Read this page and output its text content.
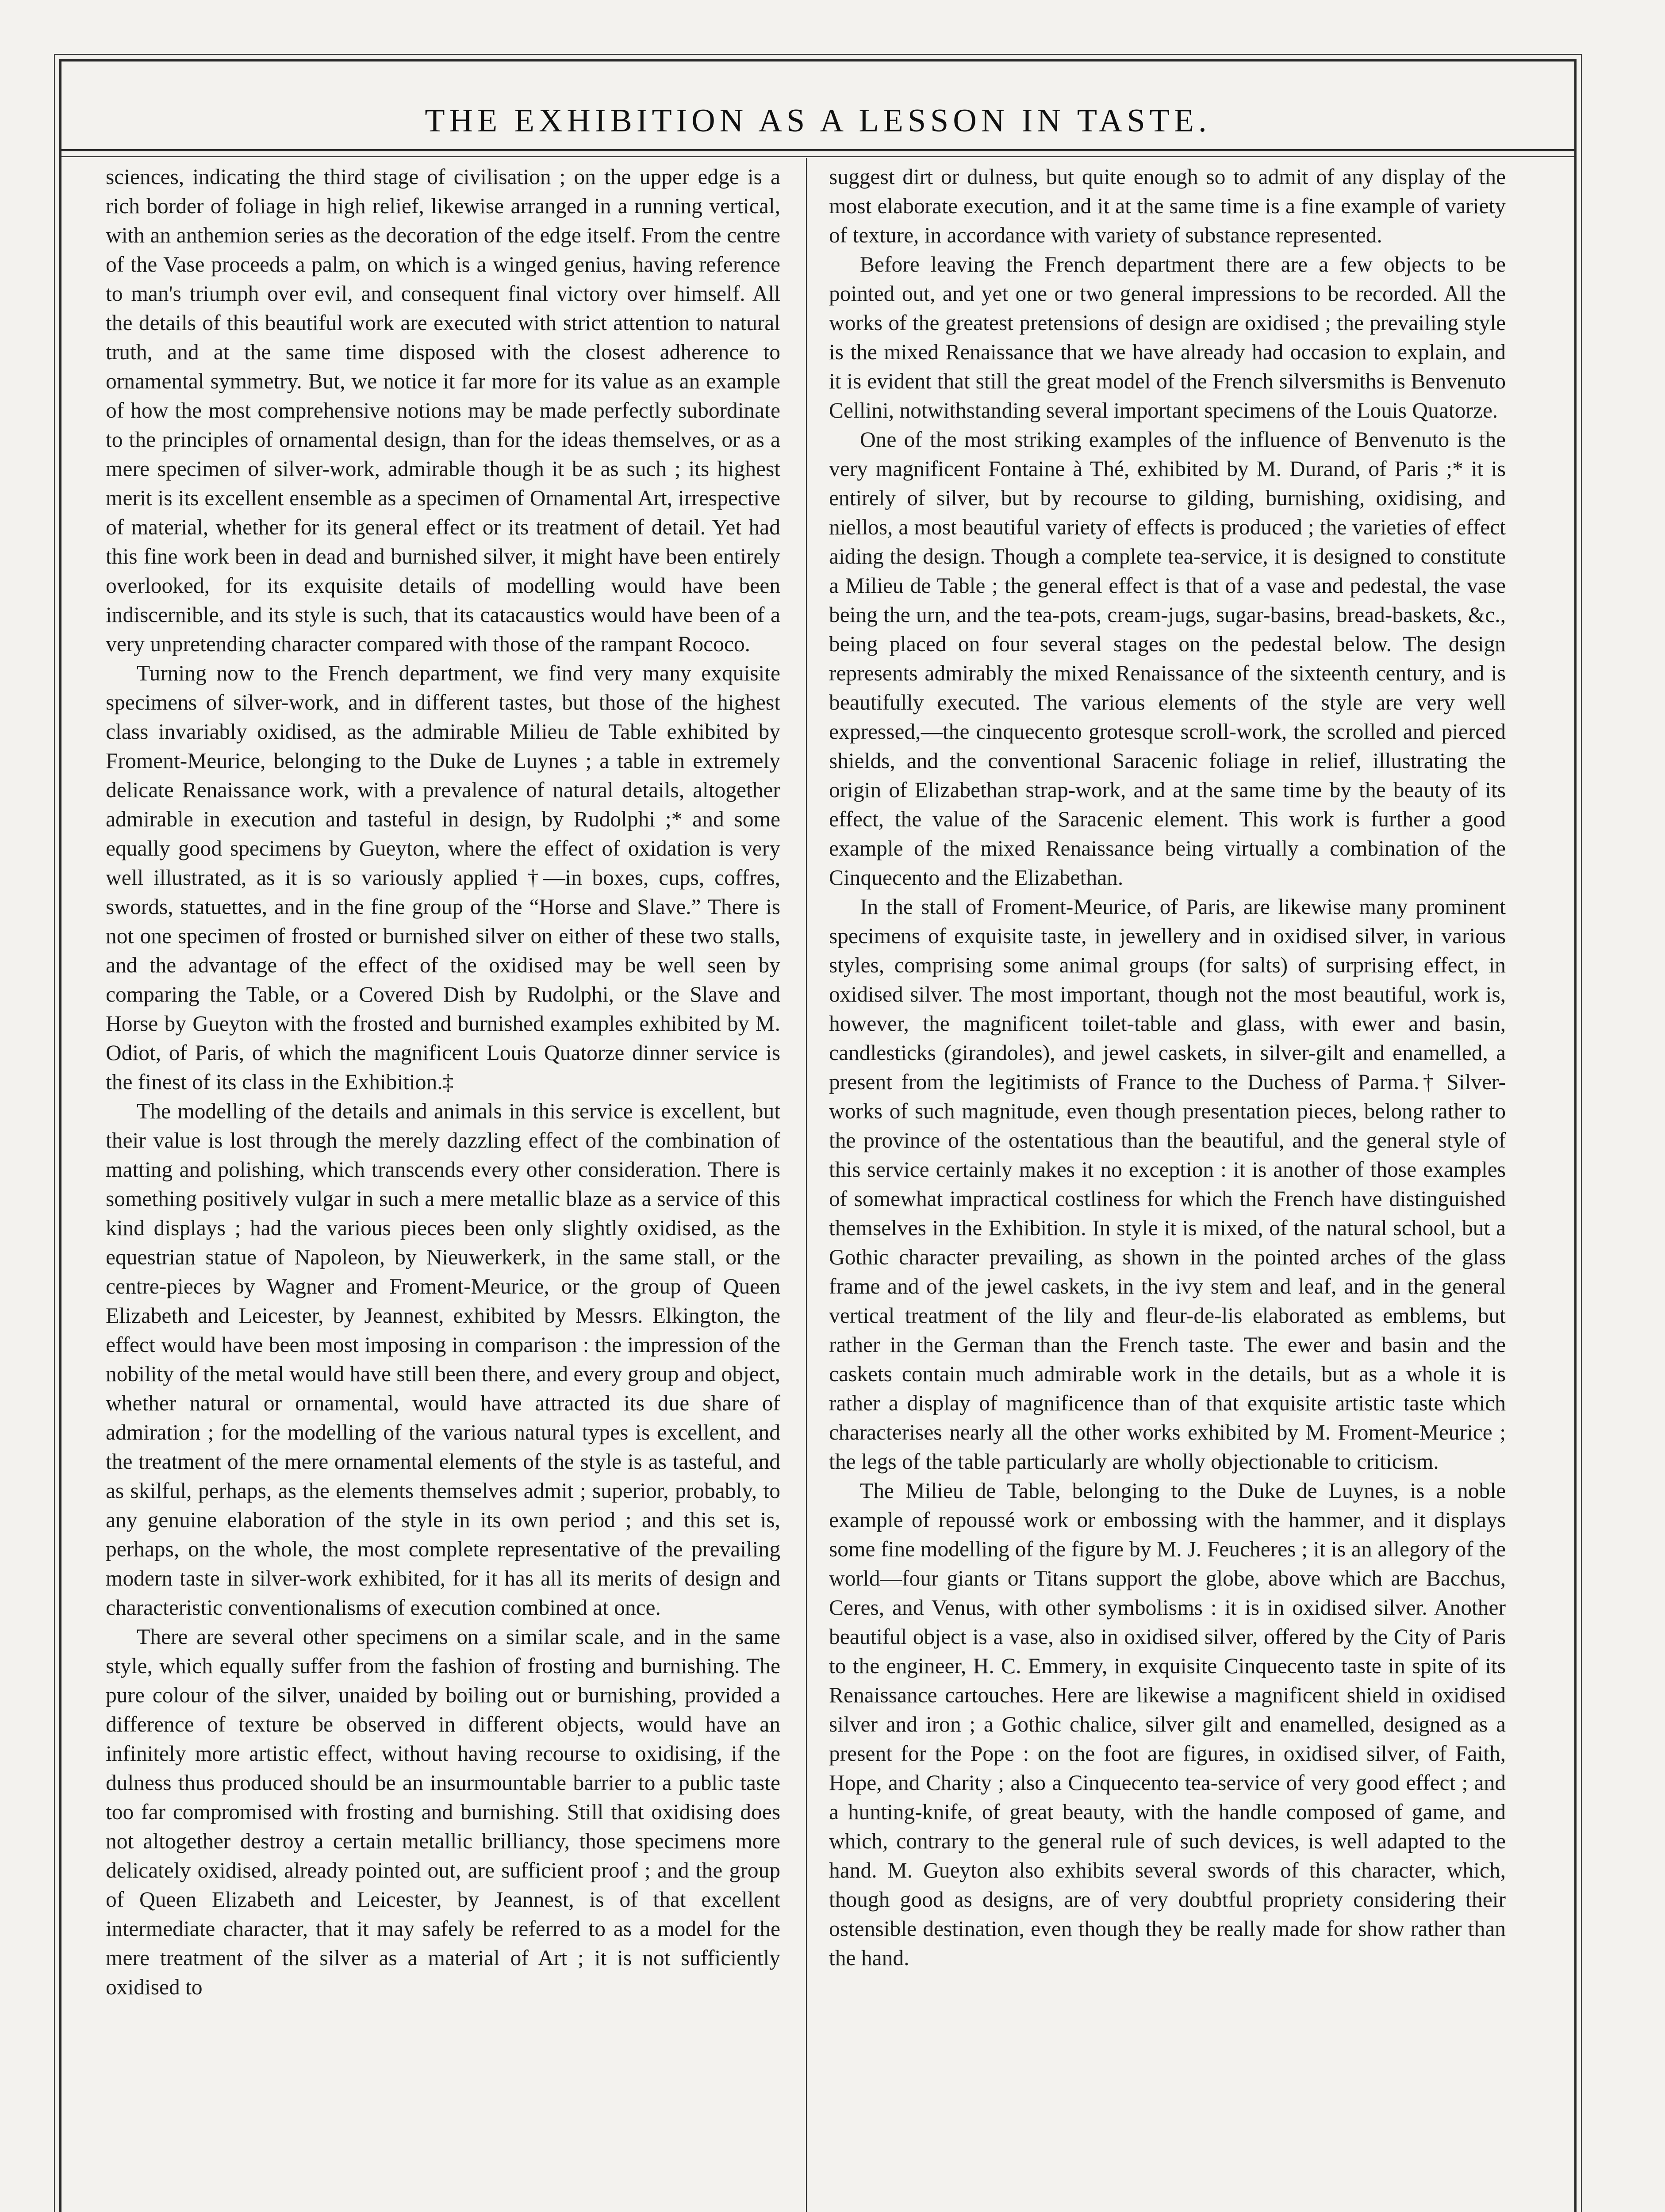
THE EXHIBITION AS A LESSON IN TASTE.

sciences, indicating the third stage of civilisation ; on the upper edge is a rich border of foliage in high relief, likewise arranged in a running vertical, with an anthemion series as the decoration of the edge itself. From the centre of the Vase proceeds a palm, on which is a winged genius, having reference to man's triumph over evil, and consequent final victory over himself. All the details of this beautiful work are executed with strict attention to natural truth, and at the same time disposed with the closest adherence to ornamental symmetry. But, we notice it far more for its value as an example of how the most comprehensive notions may be made perfectly subordinate to the principles of ornamental design, than for the ideas themselves, or as a mere specimen of silver-work, admirable though it be as such ; its highest merit is its excellent ensemble as a specimen of Ornamental Art, irrespective of material, whether for its general effect or its treatment of detail. Yet had this fine work been in dead and burnished silver, it might have been entirely overlooked, for its exquisite details of modelling would have been indiscernible, and its style is such, that its catacaustics would have been of a very unpretending character compared with those of the rampant Rococo.

Turning now to the French department, we find very many exquisite specimens of silver-work, and in different tastes, but those of the highest class invariably oxidised, as the admirable Milieu de Table exhibited by Froment-Meurice, belonging to the Duke de Luynes ; a table in extremely delicate Renaissance work, with a prevalence of natural details, altogether admirable in execution and tasteful in design, by Rudolphi ;* and some equally good specimens by Gueyton, where the effect of oxidation is very well illustrated, as it is so variously applied †—in boxes, cups, coffres, swords, statuettes, and in the fine group of the “Horse and Slave.” There is not one specimen of frosted or burnished silver on either of these two stalls, and the advantage of the effect of the oxidised may be well seen by comparing the Table, or a Covered Dish by Rudolphi, or the Slave and Horse by Gueyton with the frosted and burnished examples exhibited by M. Odiot, of Paris, of which the magnificent Louis Quatorze dinner service is the finest of its class in the Exhibition.‡

The modelling of the details and animals in this service is excellent, but their value is lost through the merely dazzling effect of the combination of matting and polishing, which transcends every other consideration. There is something positively vulgar in such a mere metallic blaze as a service of this kind displays ; had the various pieces been only slightly oxidised, as the equestrian statue of Napoleon, by Nieuwerkerk, in the same stall, or the centre-pieces by Wagner and Froment-Meurice, or the group of Queen Elizabeth and Leicester, by Jeannest, exhibited by Messrs. Elkington, the effect would have been most imposing in comparison : the impression of the nobility of the metal would have still been there, and every group and object, whether natural or ornamental, would have attracted its due share of admiration ; for the modelling of the various natural types is excellent, and the treatment of the mere ornamental elements of the style is as tasteful, and as skilful, perhaps, as the elements themselves admit ; superior, probably, to any genuine elaboration of the style in its own period ; and this set is, perhaps, on the whole, the most complete representative of the prevailing modern taste in silver-work exhibited, for it has all its merits of design and characteristic conventionalisms of execution combined at once.

There are several other specimens on a similar scale, and in the same style, which equally suffer from the fashion of frosting and burnishing. The pure colour of the silver, unaided by boiling out or burnishing, provided a difference of texture be observed in different objects, would have an infinitely more artistic effect, without having recourse to oxidising, if the dulness thus produced should be an insurmountable barrier to a public taste too far compromised with frosting and burnishing. Still that oxidising does not altogether destroy a certain metallic brilliancy, those specimens more delicately oxidised, already pointed out, are sufficient proof ; and the group of Queen Elizabeth and Leicester, by Jeannest, is of that excellent intermediate character, that it may safely be referred to as a model for the mere treatment of the silver as a material of Art ; it is not sufficiently oxidised to

suggest dirt or dulness, but quite enough so to admit of any display of the most elaborate execution, and it at the same time is a fine example of variety of texture, in accordance with variety of substance represented.

Before leaving the French department there are a few objects to be pointed out, and yet one or two general impressions to be recorded. All the works of the greatest pretensions of design are oxidised ; the prevailing style is the mixed Renaissance that we have already had occasion to explain, and it is evident that still the great model of the French silversmiths is Benvenuto Cellini, notwithstanding several important specimens of the Louis Quatorze.

One of the most striking examples of the influence of Benvenuto is the very magnificent Fontaine à Thé, exhibited by M. Durand, of Paris ;* it is entirely of silver, but by recourse to gilding, burnishing, oxidising, and niellos, a most beautiful variety of effects is produced ; the varieties of effect aiding the design. Though a complete tea-service, it is designed to constitute a Milieu de Table ; the general effect is that of a vase and pedestal, the vase being the urn, and the tea-pots, cream-jugs, sugar-basins, bread-baskets, &c., being placed on four several stages on the pedestal below. The design represents admirably the mixed Renaissance of the sixteenth century, and is beautifully executed. The various elements of the style are very well expressed,—the cinquecento grotesque scroll-work, the scrolled and pierced shields, and the conventional Saracenic foliage in relief, illustrating the origin of Elizabethan strap-work, and at the same time by the beauty of its effect, the value of the Saracenic element. This work is further a good example of the mixed Renaissance being virtually a combination of the Cinquecento and the Elizabethan.

In the stall of Froment-Meurice, of Paris, are likewise many prominent specimens of exquisite taste, in jewellery and in oxidised silver, in various styles, comprising some animal groups (for salts) of surprising effect, in oxidised silver. The most important, though not the most beautiful, work is, however, the magnificent toilet-table and glass, with ewer and basin, candlesticks (girandoles), and jewel caskets, in silver-gilt and enamelled, a present from the legitimists of France to the Duchess of Parma.† Silver-works of such magnitude, even though presentation pieces, belong rather to the province of the ostentatious than the beautiful, and the general style of this service certainly makes it no exception : it is another of those examples of somewhat impractical costliness for which the French have distinguished themselves in the Exhibition. In style it is mixed, of the natural school, but a Gothic character prevailing, as shown in the pointed arches of the glass frame and of the jewel caskets, in the ivy stem and leaf, and in the general vertical treatment of the lily and fleur-de-lis elaborated as emblems, but rather in the German than the French taste. The ewer and basin and the caskets contain much admirable work in the details, but as a whole it is rather a display of magnificence than of that exquisite artistic taste which characterises nearly all the other works exhibited by M. Froment-Meurice ; the legs of the table particularly are wholly objectionable to criticism.

The Milieu de Table, belonging to the Duke de Luynes, is a noble example of repoussé work or embossing with the hammer, and it displays some fine modelling of the figure by M. J. Feucheres ; it is an allegory of the world—four giants or Titans support the globe, above which are Bacchus, Ceres, and Venus, with other symbolisms : it is in oxidised silver. Another beautiful object is a vase, also in oxidised silver, offered by the City of Paris to the engineer, H. C. Emmery, in exquisite Cinquecento taste in spite of its Renaissance cartouches. Here are likewise a magnificent shield in oxidised silver and iron ; a Gothic chalice, silver gilt and enamelled, designed as a present for the Pope : on the foot are figures, in oxidised silver, of Faith, Hope, and Charity ; also a Cinquecento tea-service of very good effect ; and a hunting-knife, of great beauty, with the handle composed of game, and which, contrary to the general rule of such devices, is well adapted to the hand. M. Gueyton also exhibits several swords of this character, which, though good as designs, are of very doubtful propriety considering their ostensible destination, even though they be really made for show rather than the hand.
